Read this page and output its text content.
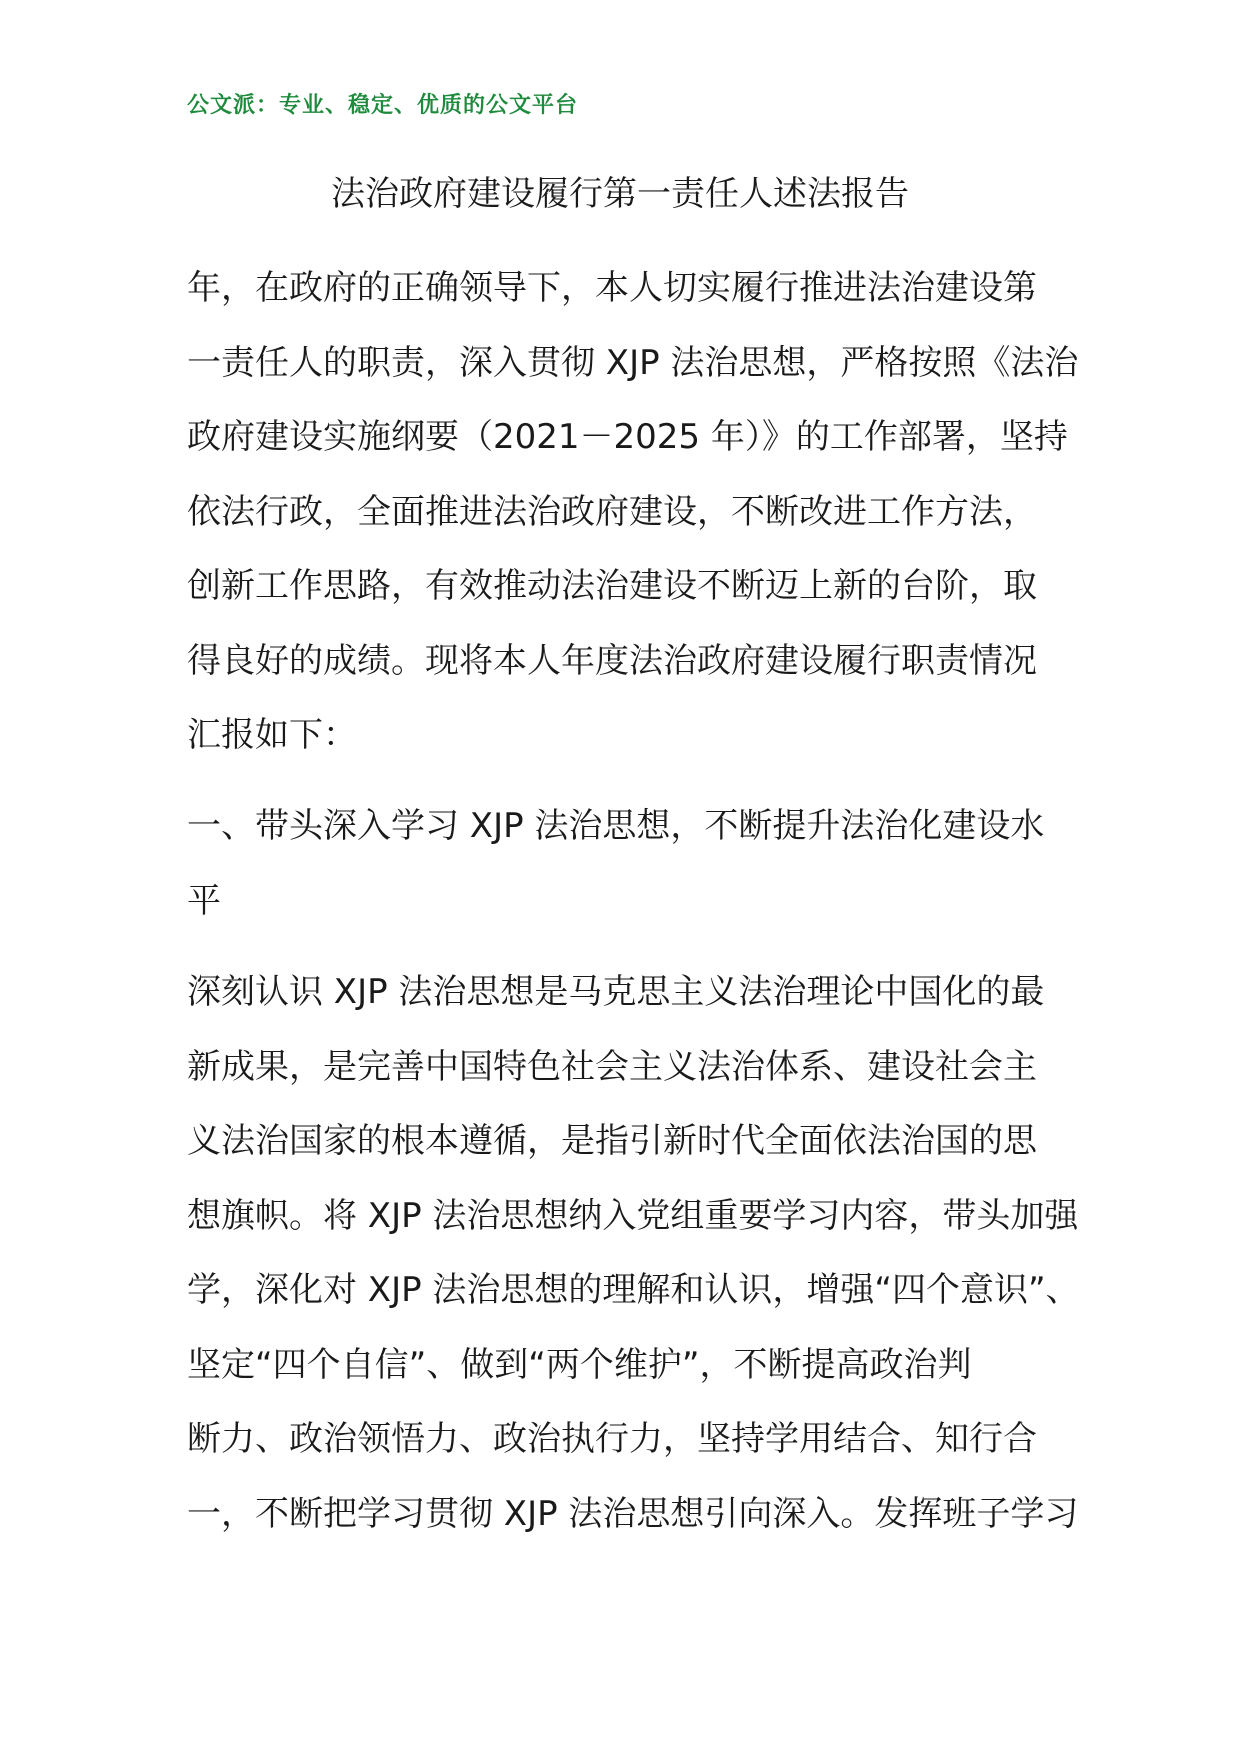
公文派：专业、稳定、优质的公文平台
法治政府建设履行第一责任人述法报告
年，在政府的正确领导下，本人切实履行推进法治建设第
一责任人的职责，深入贯彻 XJP 法治思想，严格按照《法治
政府建设实施纲要（2021－2025 年）》的工作部署，坚持
依法行政，全面推进法治政府建设，不断改进工作方法，
创新工作思路，有效推动法治建设不断迈上新的台阶，取
得良好的成绩。现将本人年度法治政府建设履行职责情况
汇报如下：
一、带头深入学习 XJP 法治思想，不断提升法治化建设水
平
深刻认识 XJP 法治思想是马克思主义法治理论中国化的最
新成果，是完善中国特色社会主义法治体系、建设社会主
义法治国家的根本遵循，是指引新时代全面依法治国的思
想旗帜。将 XJP 法治思想纳入党组重要学习内容，带头加强
学，深化对 XJP 法治思想的理解和认识，增强“四个意识”、
坚定“四个自信”、做到“两个维护”，不断提高政治判
断力、政治领悟力、政治执行力，坚持学用结合、知行合
一，不断把学习贯彻 XJP 法治思想引向深入。发挥班子学习
